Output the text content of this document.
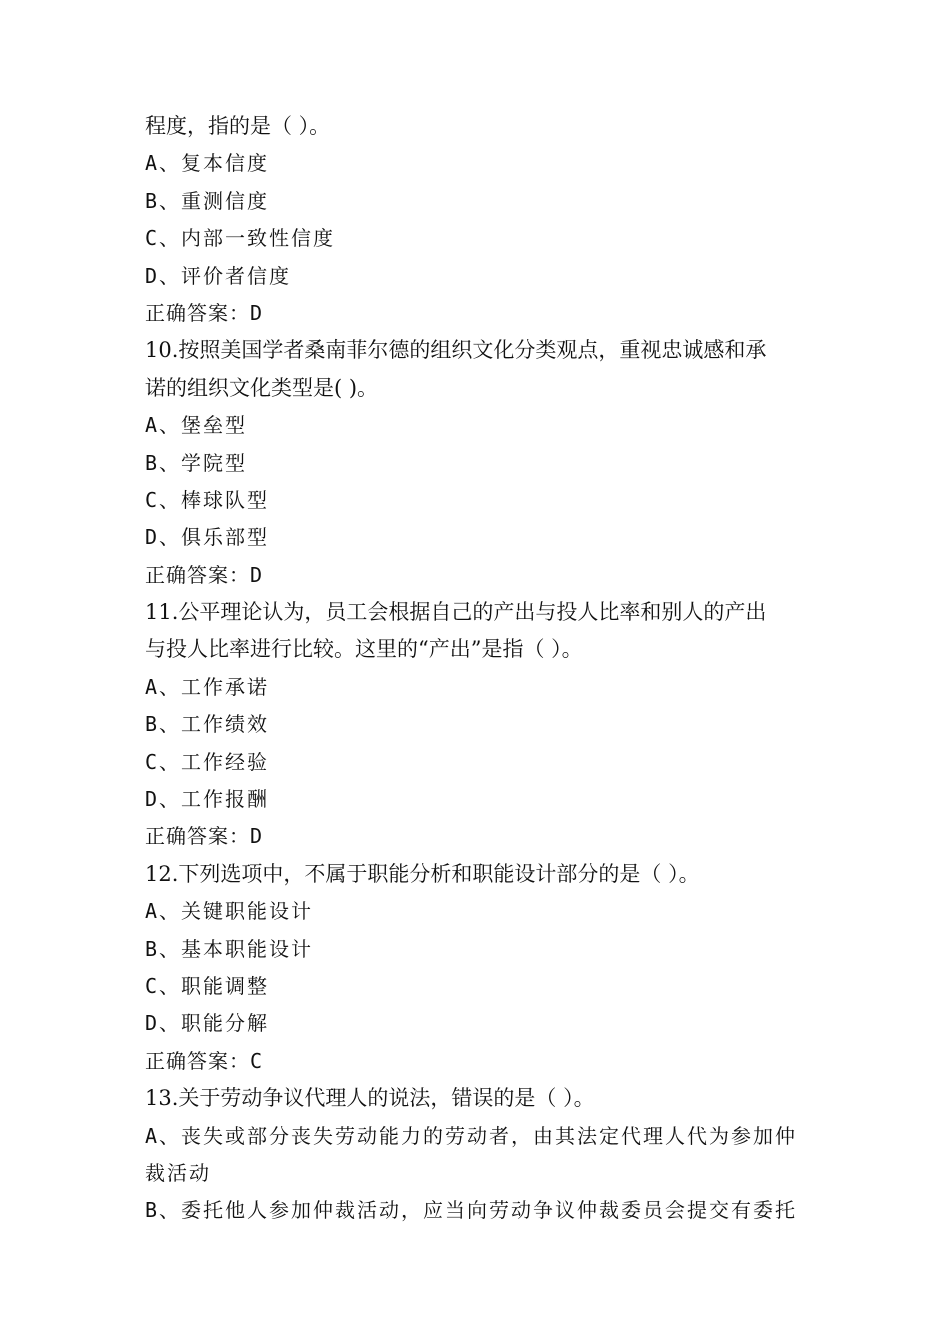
程度，指的是（ ）。
A、复本信度
B、重测信度
C、内部一致性信度
D、评价者信度
正确答案：D
10.按照美国学者桑南菲尔德的组织文化分类观点，重视忠诚感和承
诺的组织文化类型是( )。
A、堡垒型
B、学院型
C、棒球队型
D、俱乐部型
正确答案：D
11.公平理论认为，员工会根据自己的产出与投人比率和别人的产出
与投人比率进行比较。这里的“产出”是指（ ）。
A、工作承诺
B、工作绩效
C、工作经验
D、工作报酬
正确答案：D
12.下列选项中，不属于职能分析和职能设计部分的是（ ）。
A、关键职能设计
B、基本职能设计
C、职能调整
D、职能分解
正确答案：C
13.关于劳动争议代理人的说法，错误的是（ ）。
A、丧失或部分丧失劳动能力的劳动者，由其法定代理人代为参加仲
裁活动
B、委托他人参加仲裁活动，应当向劳动争议仲裁委员会提交有委托
